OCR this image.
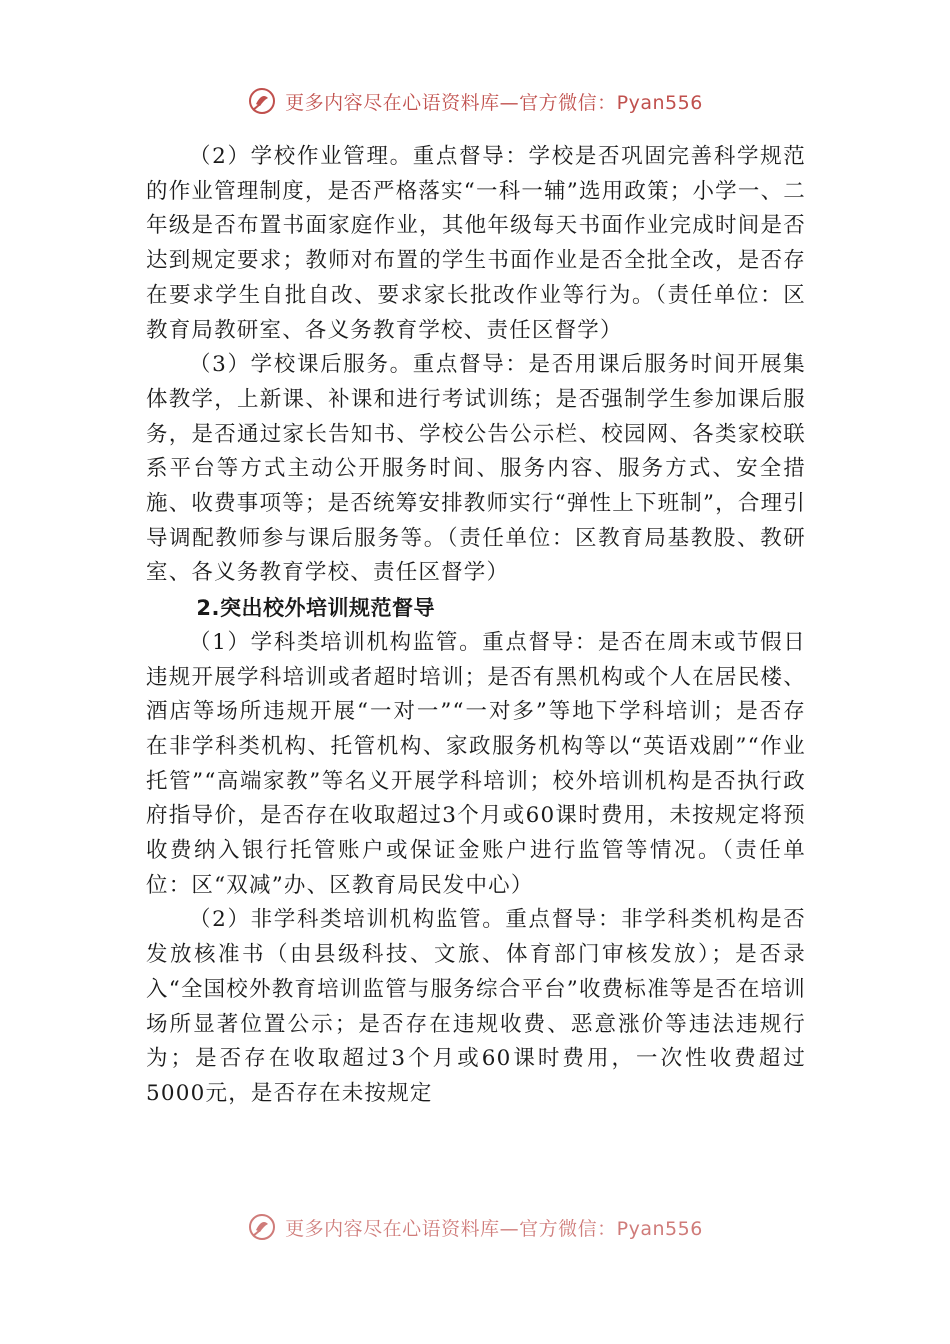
更多内容尽在心语资料库—官方微信：Pyan556

（2）学校作业管理。重点督导：学校是否巩固完善科学规范的作业管理制度，是否严格落实“一科一辅”选用政策；小学一、二年级是否布置书面家庭作业，其他年级每天书面作业完成时间是否达到规定要求；教师对布置的学生书面作业是否全批全改，是否存在要求学生自批自改、要求家长批改作业等行为。（责任单位：区教育局教研室、各义务教育学校、责任区督学）

（3）学校课后服务。重点督导：是否用课后服务时间开展集体教学，上新课、补课和进行考试训练；是否强制学生参加课后服务，是否通过家长告知书、学校公告公示栏、校园网、各类家校联系平台等方式主动公开服务时间、服务内容、服务方式、安全措施、收费事项等；是否统筹安排教师实行“弹性上下班制”，合理引导调配教师参与课后服务等。（责任单位：区教育局基教股、教研室、各义务教育学校、责任区督学）

2.突出校外培训规范督导

（1）学科类培训机构监管。重点督导：是否在周末或节假日违规开展学科培训或者超时培训；是否有黑机构或个人在居民楼、酒店等场所违规开展“一对一”“一对多”等地下学科培训；是否存在非学科类机构、托管机构、家政服务机构等以“英语戏剧”“作业托管”“高端家教”等名义开展学科培训；校外培训机构是否执行政府指导价，是否存在收取超过3个月或60课时费用，未按规定将预收费纳入银行托管账户或保证金账户进行监管等情况。（责任单位：区“双减”办、区教育局民发中心）

（2）非学科类培训机构监管。重点督导：非学科类机构是否发放核准书（由县级科技、文旅、体育部门审核发放）；是否录入“全国校外教育培训监管与服务综合平台”收费标准等是否在培训场所显著位置公示；是否存在违规收费、恶意涨价等违法违规行为；是否存在收取超过3个月或60课时费用，一次性收费超过5000元，是否存在未按规定

更多内容尽在心语资料库—官方微信：Pyan556
